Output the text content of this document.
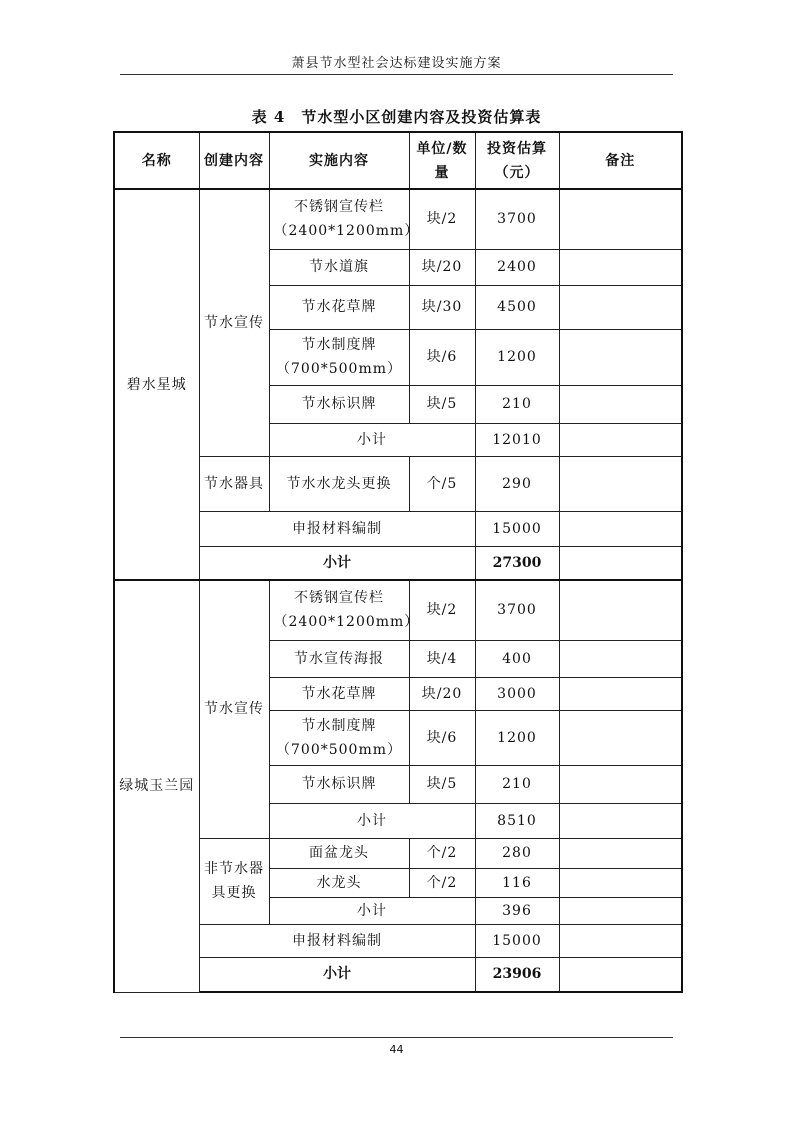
萧县节水型社会达标建设实施方案
表 4　节水型小区创建内容及投资估算表
名称	创建内容	实施内容	单位/数量	投资估算（元）	备注
碧水星城	节水宣传	不锈钢宣传栏（2400*1200mm）	块/2	3700	
		节水道旗	块/20	2400	
		节水花草牌	块/30	4500	
		节水制度牌（700*500mm）	块/6	1200	
		节水标识牌	块/5	210	
		小计		12010	
	节水器具	节水水龙头更换	个/5	290	
	申报材料编制			15000	
	小计			27300	

绿城玉兰园	节水宣传	不锈钢宣传栏（2400*1200mm）	块/2	3700	
		节水宣传海报	块/4	400	
		节水花草牌	块/20	3000	
		节水制度牌（700*500mm）	块/6	1200	
		节水标识牌	块/5	210	
		小计		8510	
	非节水器具更换	面盆龙头	个/2	280	
		水龙头	个/2	116	
		小计		396	
	申报材料编制			15000	
	小计			23906	

44
